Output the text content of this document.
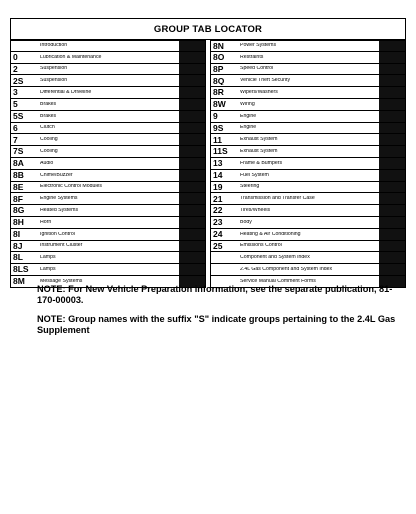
GROUP TAB LOCATOR
Introduction
0	Lubrication & Maintenance
2	Suspension
2S	Suspension
3	Differential & Driveline
5	Brakes
5S	Brakes
6	Clutch
7	Cooling
7S	Cooling
8A	Audio
8B	Chime/Buzzer
8E	Electronic Control Modules
8F	Engine Systems
8G	Heated Systems
8H	Horn
8I	Ignition Control
8J	Instrument Cluster
8L	Lamps
8LS	Lamps
8M	Message Systems
8N	Power Systems
8O	Restraints
8P	Speed Control
8Q	Vehicle Theft Security
8R	Wipers/Washers
8W	Wiring
9	Engine
9S	Engine
11	Exhaust System
11S	Exhaust System
13	Frame & Bumpers
14	Fuel System
19	Steering
21	Transmission and Transfer Case
22	Tires/Wheels
23	Body
24	Heating & Air Conditioning
25	Emissions Control
Component and System Index
2.4L Gas Component and System Index
Service Manual Comment Forms

NOTE: For New Vehicle Preparation information, see the separate publication, 81-170-00003.

NOTE: Group names with the suffix "S" indicate groups pertaining to the 2.4L Gas Supplement
